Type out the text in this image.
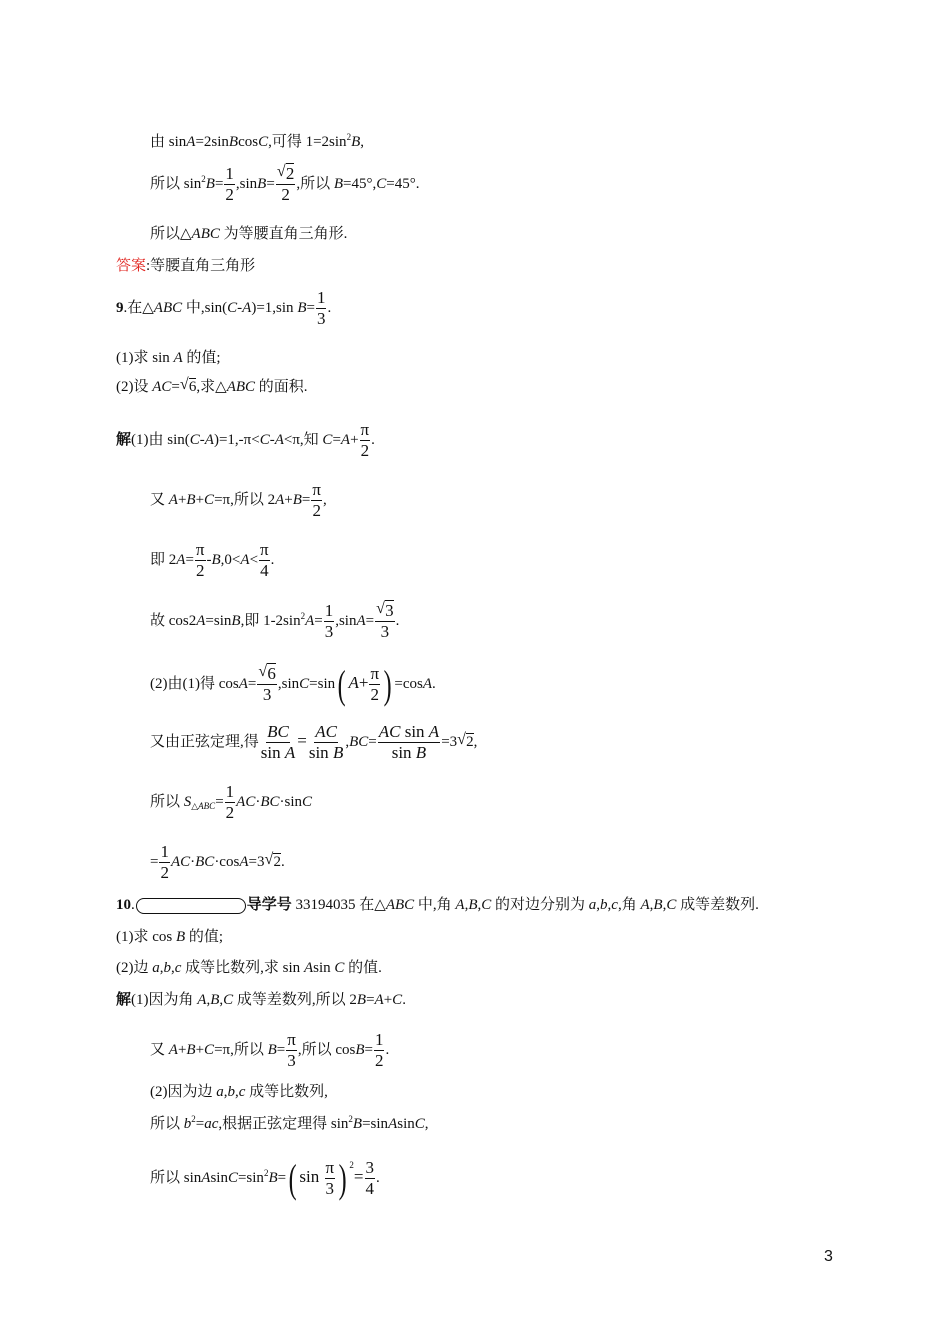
由 sinA=2sinBcosC,可得 $1=2\sin^2B$,
所以 $\sin^2B= \frac{1}{2} ,\sin B=$
√ $\frac{2}{2}$ ,所以 B=45°,C=45°.
所以△ABC 为等腰直角三角形.
答案:等腰直角三角形
9.在△ABC 中,sin(C-A)=1,sin $B= \frac{1}{3}$ .
(1)求 sin A 的值;
(2)设 AC=√ 6,求△ABC 的面积.
解(1)由 sin(C-A)=1,-π<C-A<π,知 $C=A+ \frac{\pi}{2}$ .
又 A+B+C=π,所以 $2A+B= \frac{\pi}{2}$ ,
即 $2A= \frac{\pi}{2} -B,0<A< \frac{\pi}{4}$ .
故 cos2A=sinB,即 $1-2\sin^2A= \frac{1}{3} ,\sin A=$
√ $\frac{3}{3}$ .
(2)由(1)得 cosA=
√ $\frac{6}{3} ,\sin C=\sin$( $A+ \frac{\pi}{2}$ ) =cosA.
又由正弦定理,得 $\frac{BC}{\text{sin A}} = \frac{AC}{\text{sin B}} ,BC= \frac{\text{AC sin A}}{\text{sin B}} =3√$ 2,
所以 $S_{\triangle ABC}= \frac{1}{2} AC\cdot BC\cdot\sin C$
= $\frac{1}{2} AC\cdot BC\cdot\cos A=3√$ 2.
10.	导学号 33194035 在△ABC 中,角 A,B,C 的对边分别为 a,b,c,角 A,B,C 成等差数列.
(1)求 cos B 的值;
(2)边 a,b,c 成等比数列,求 sin Asin C 的值.
解(1)因为角 A,B,C 成等差数列,所以 2B=A+C.
又 A+B+C=π,所以 $B= \frac{\pi}{3}$ ,所以 $\cos B= \frac{1}{2}$ .
(2)因为边 a,b,c 成等比数列,
所以 $b^2=ac$,根据正弦定理得 $\sin^2B=sinAsinC$,
所以 $sinAsinC=\sin^2B=$( $\sin \frac{\pi}{3}$ ) $^2= \frac{3}{4}$ .
3
